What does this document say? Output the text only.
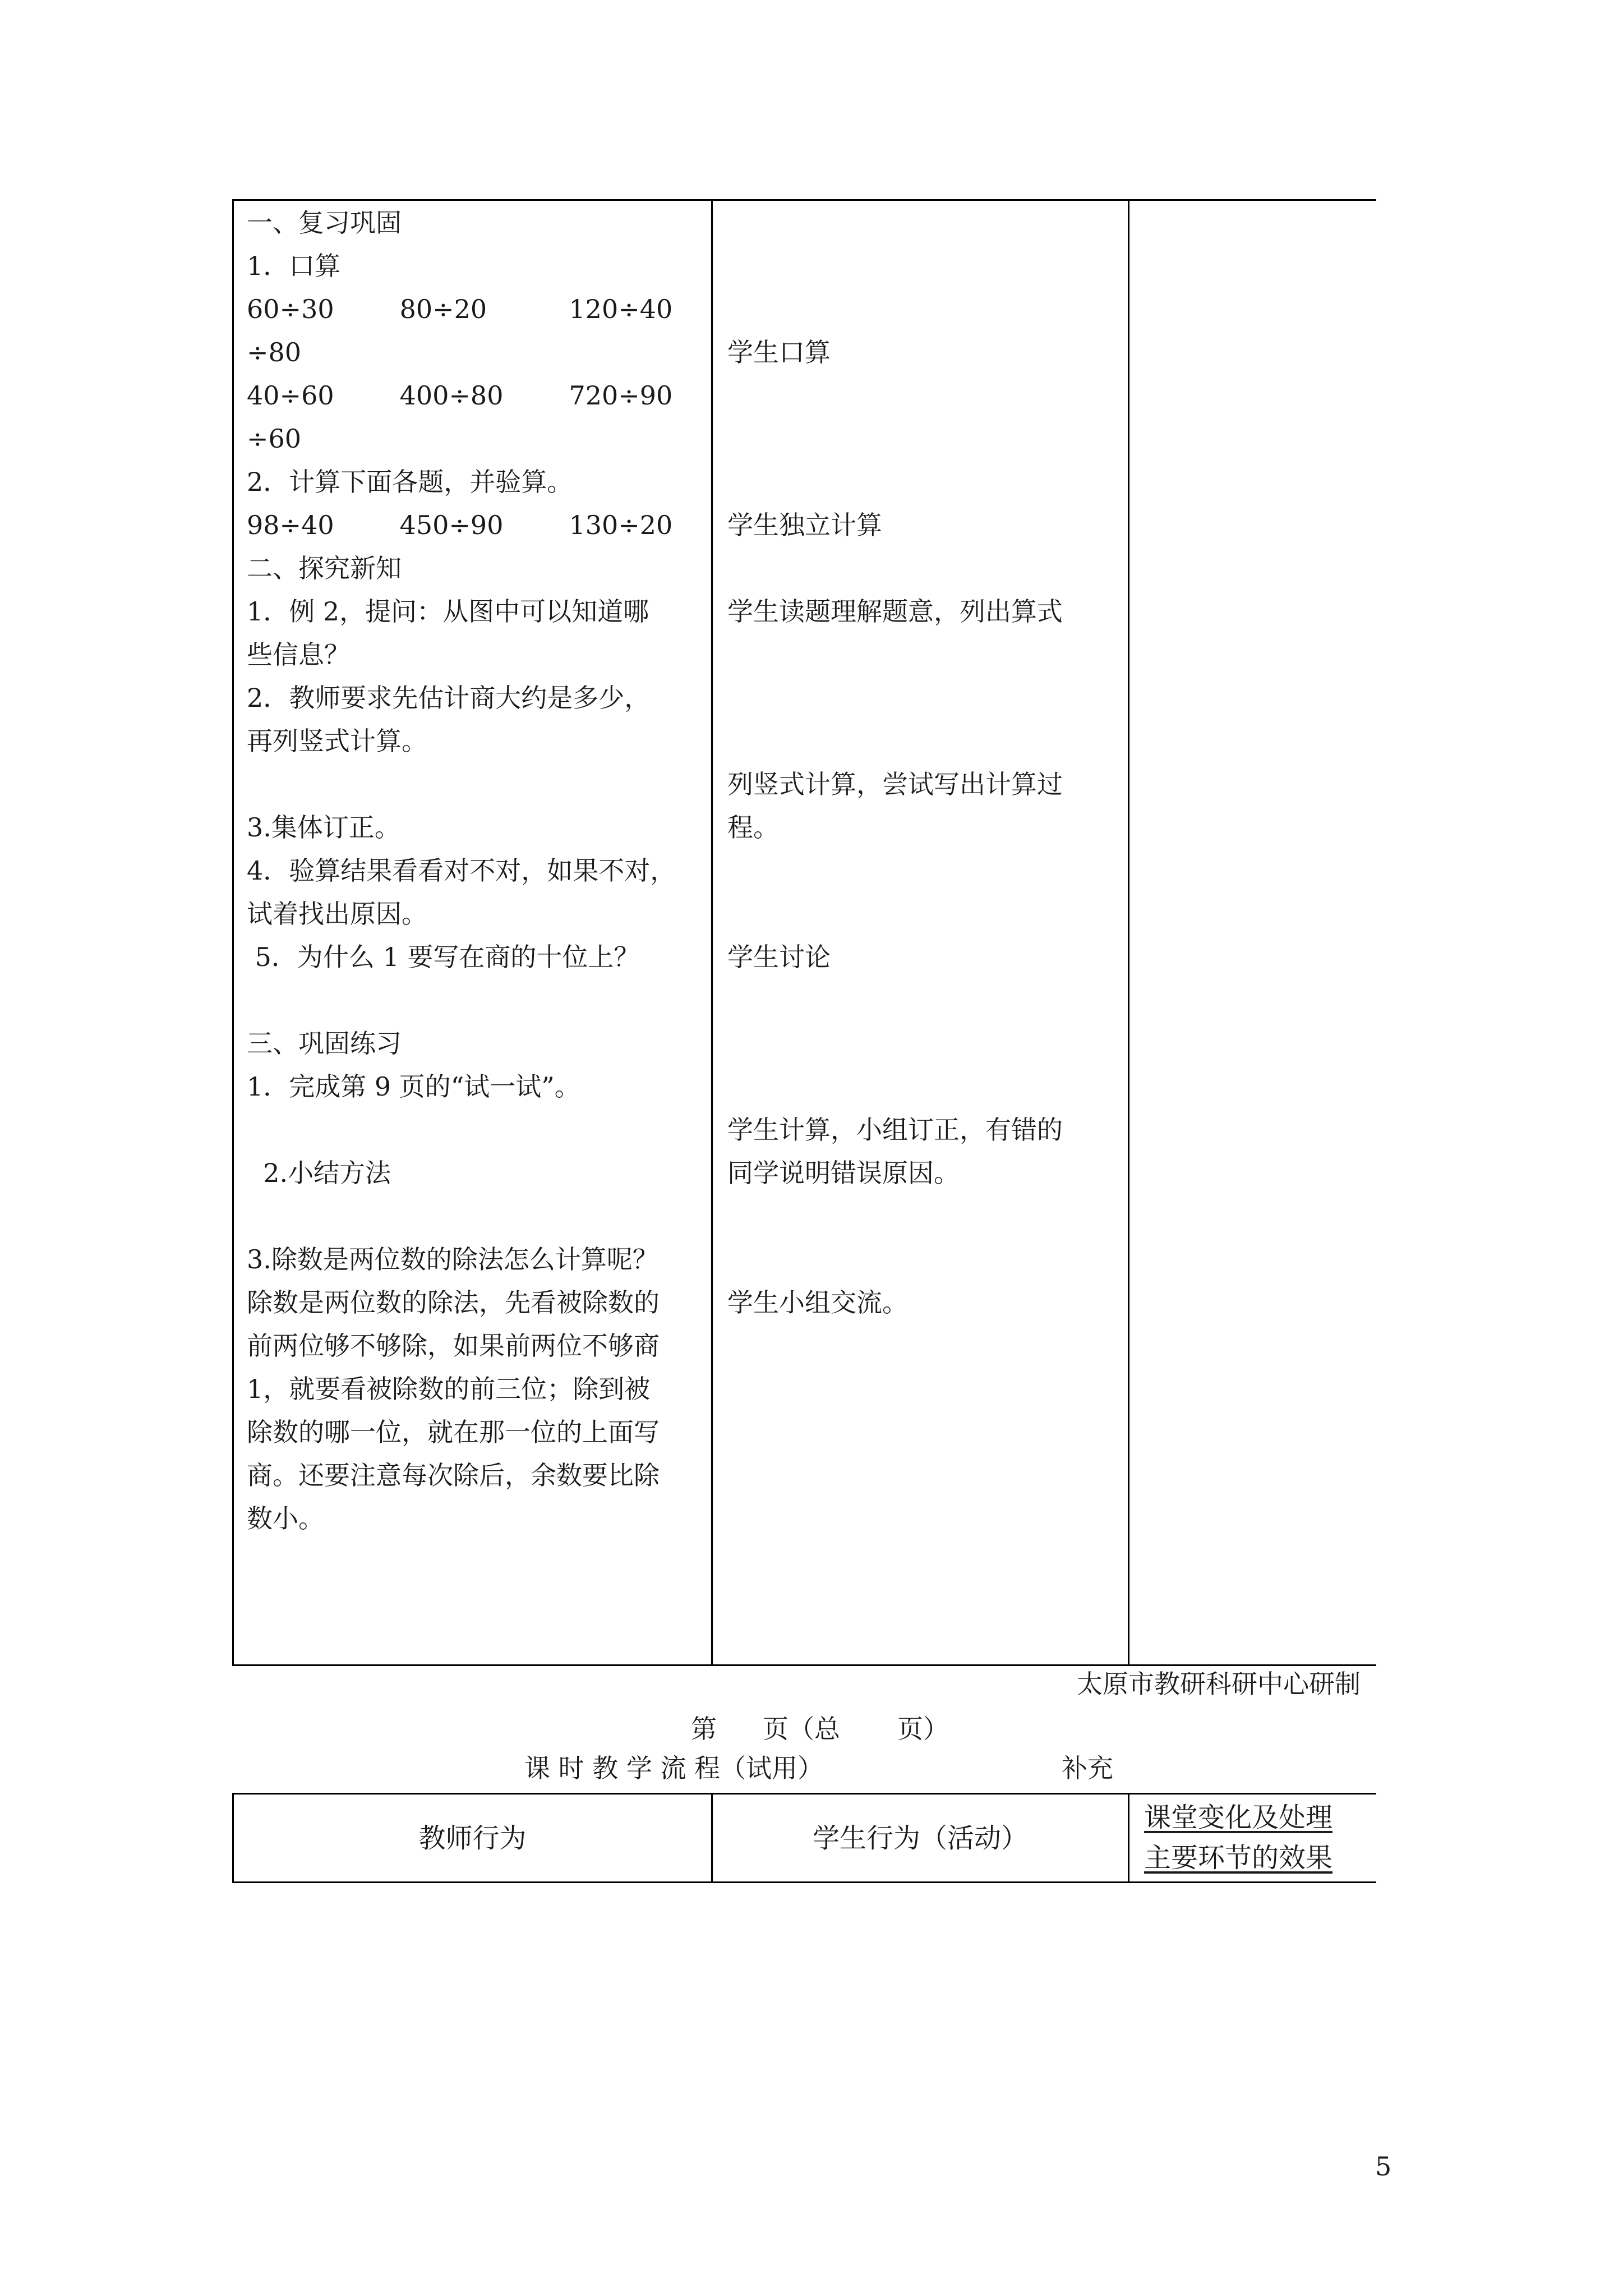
一、复习巩固
1．口算
60÷30        80÷20          120÷40
÷80
40÷60        400÷80        720÷90
÷60
2．计算下面各题，并验算。
98÷40        450÷90        130÷20
二、探究新知
1．例 2，提问：从图中可以知道哪
些信息？
2．教师要求先估计商大约是多少，
再列竖式计算。
3.集体订正。
4．验算结果看看对不对，如果不对，
试着找出原因。
5．为什么 1 要写在商的十位上？
三、巩固练习
1．完成第 9 页的“试一试”。
2.小结方法
3.除数是两位数的除法怎么计算呢？
除数是两位数的除法，先看被除数的
前两位够不够除，如果前两位不够商
1，就要看被除数的前三位；除到被
除数的哪一位，就在那一位的上面写
商。还要注意每次除后，余数要比除
数小。
学生口算
学生独立计算
学生读题理解题意，列出算式
列竖式计算，尝试写出计算过
程。
学生讨论
学生计算，小组订正，有错的
同学说明错误原因。
学生小组交流。
太原市教研科研中心研制
第 页（总 页）
课 时 教 学 流 程（试用）	补充
教师行为	学生行为（活动）
课堂变化及处理
主要环节的效果
5
